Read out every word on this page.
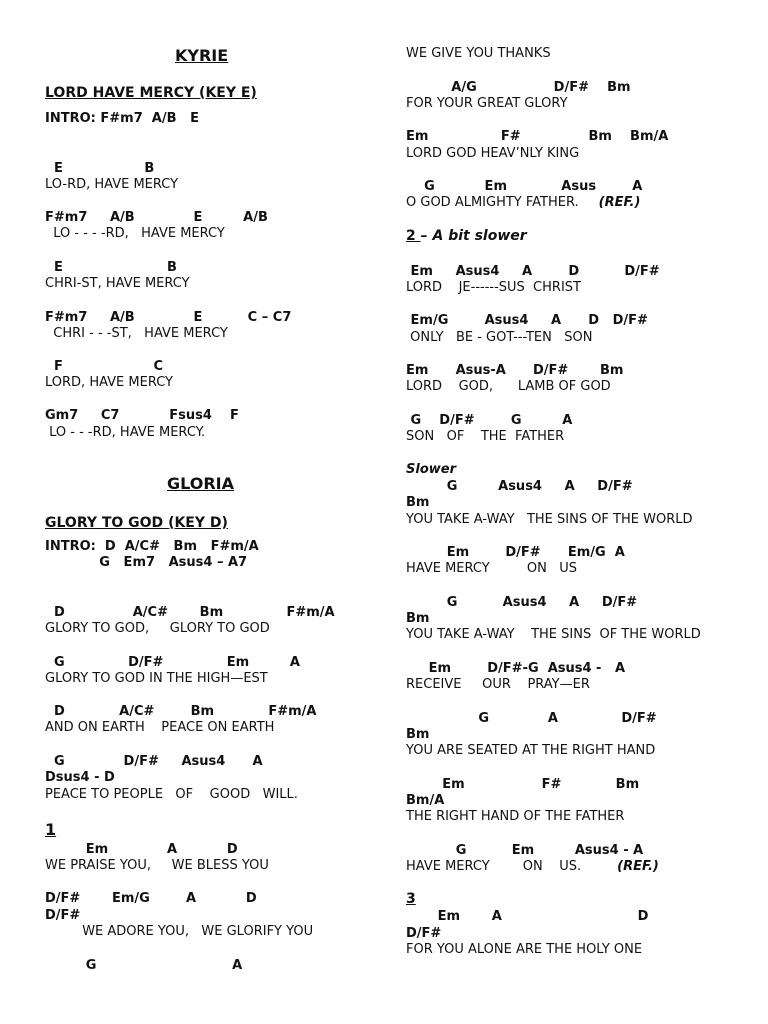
KYRIE
LORD HAVE MERCY (KEY E)
INTRO: F#m7  A/B   E
E                  B
LO-RD, HAVE MERCY
F#m7     A/B             E         A/B
LO - - - -RD,   HAVE MERCY
E                       B
CHRI-ST, HAVE MERCY
F#m7     A/B             E          C – C7
CHRI - - -ST,   HAVE MERCY
F                    C
LORD, HAVE MERCY
Gm7     C7           Fsus4    F
LO - - -RD, HAVE MERCY.
GLORIA
GLORY TO GOD (KEY D)
INTRO:  D  A/C#   Bm   F#m/A
G   Em7   Asus4 – A7
D               A/C#       Bm              F#m/A
GLORY TO GOD,     GLORY TO GOD
G              D/F#              Em         A
GLORY TO GOD IN THE HIGH—EST
D            A/C#        Bm            F#m/A
AND ON EARTH    PEACE ON EARTH
G             D/F#     Asus4      A
Dsus4 - D
PEACE TO PEOPLE   OF    GOOD   WILL.
1
Em             A           D
WE PRAISE YOU,     WE BLESS YOU
D/F#       Em/G        A           D
D/F#
WE ADORE YOU,   WE GLORIFY YOU
G                              A
WE GIVE YOU THANKS
A/G                 D/F#    Bm
FOR YOUR GREAT GLORY
Em                F#               Bm    Bm/A
LORD GOD HEAV’NLY KING
G           Em            Asus        A
O GOD ALMIGHTY FATHER. (REF.)
2 – A bit slower
Em     Asus4     A        D          D/F#
LORD    JE------SUS  CHRIST
Em/G        Asus4     A      D   D/F#
ONLY   BE - GOT---TEN   SON
Em      Asus-A      D/F#       Bm
LORD    GOD,      LAMB OF GOD
G    D/F#        G         A
SON   OF    THE  FATHER
Slower
G         Asus4     A     D/F#
Bm
YOU TAKE A-WAY   THE SINS OF THE WORLD
Em        D/F#      Em/G  A
HAVE MERCY         ON   US
G          Asus4     A     D/F#
Bm
YOU TAKE A-WAY    THE SINS  OF THE WORLD
Em        D/F#-G  Asus4 -   A
RECEIVE     OUR    PRAY—ER
G             A              D/F#
Bm
YOU ARE SEATED AT THE RIGHT HAND
Em                 F#            Bm
Bm/A
THE RIGHT HAND OF THE FATHER
G          Em         Asus4 - A
HAVE MERCY        ON    US.	(REF.)
3
Em       A                              D
D/F#
FOR YOU ALONE ARE THE HOLY ONE
